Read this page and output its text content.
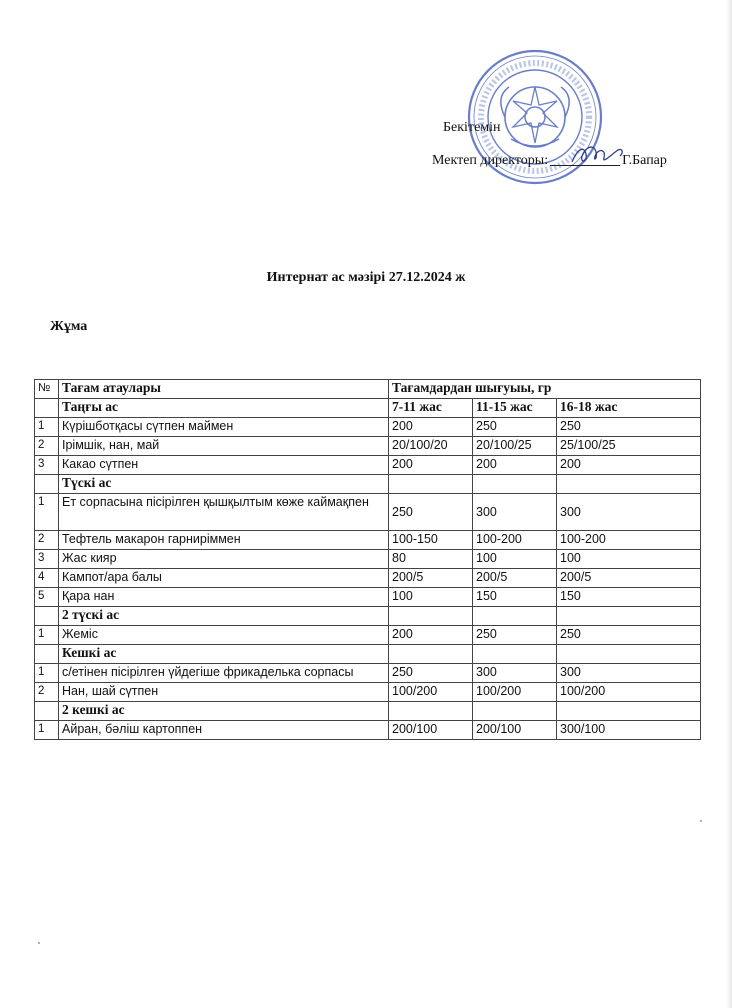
Бекітемін
Мектеп директоры:	Г.Бапар
Интернат ас мәзірі 27.12.2024 ж
Жұма
№	Тағам атаулары	Тағамдардан шығуыы, гр		
	Таңғы ас	7-11 жас	11-15 жас	16-18 жас
1	Күрішботқасы сүтпен маймен	200	250	250
2	Ірімшік, нан, май	20/100/20	20/100/25	25/100/25
3	Какао сүтпен	200	200	200
	Түскі ас			
1	Ет сорпасына пісірілген қышқылтым көже каймақпен	250	300	300
2	Тефтель макарон гарниріммен	100-150	100-200	100-200
3	Жас кияр	80	100	100
4	Кампот/ара балы	200/5	200/5	200/5
5	Қара нан	100	150	150
	2 түскі ас			
1	Жеміс	200	250	250
	Кешкі ас			
1	с/етінен пісірілген үйдегіше фрикаделька сорпасы	250	300	300
2	Нан, шай сүтпен	100/200	100/200	100/200
	2 кешкі ас			
1	Айран, бәліш картоппен	200/100	200/100	300/100
